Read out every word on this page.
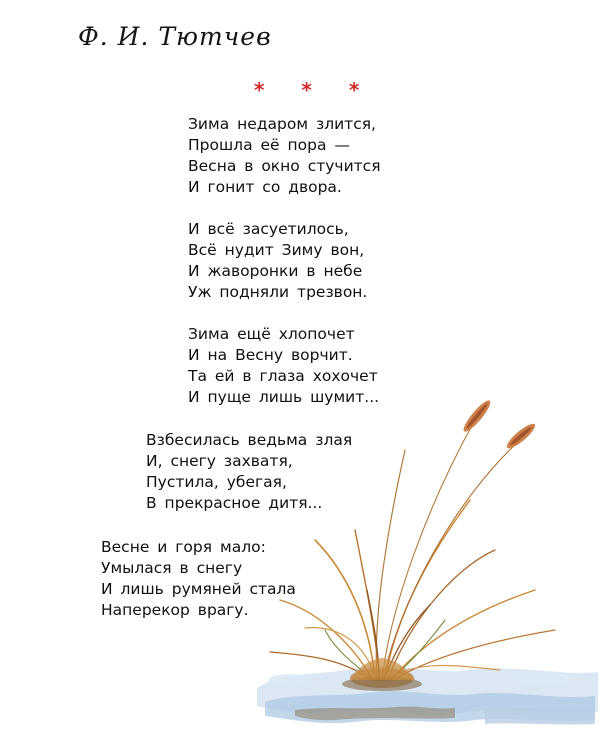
Ф. И. Тютчев
* * *
Зима недаром злится,
Прошла её пора —
Весна в окно стучится
И гонит со двора.
И всё засуетилось,
Всё нудит Зиму вон,
И жаворонки в небе
Уж подняли трезвон.
Зима ещё хлопочет
И на Весну ворчит.
Та ей в глаза хохочет
И пуще лишь шумит...
Взбесилась ведьма злая
И, снегу захватя,
Пустила, убегая,
В прекрасное дитя...
Весне и горя мало:
Умылася в снегу
И лишь румяней стала
Наперекор врагу.
